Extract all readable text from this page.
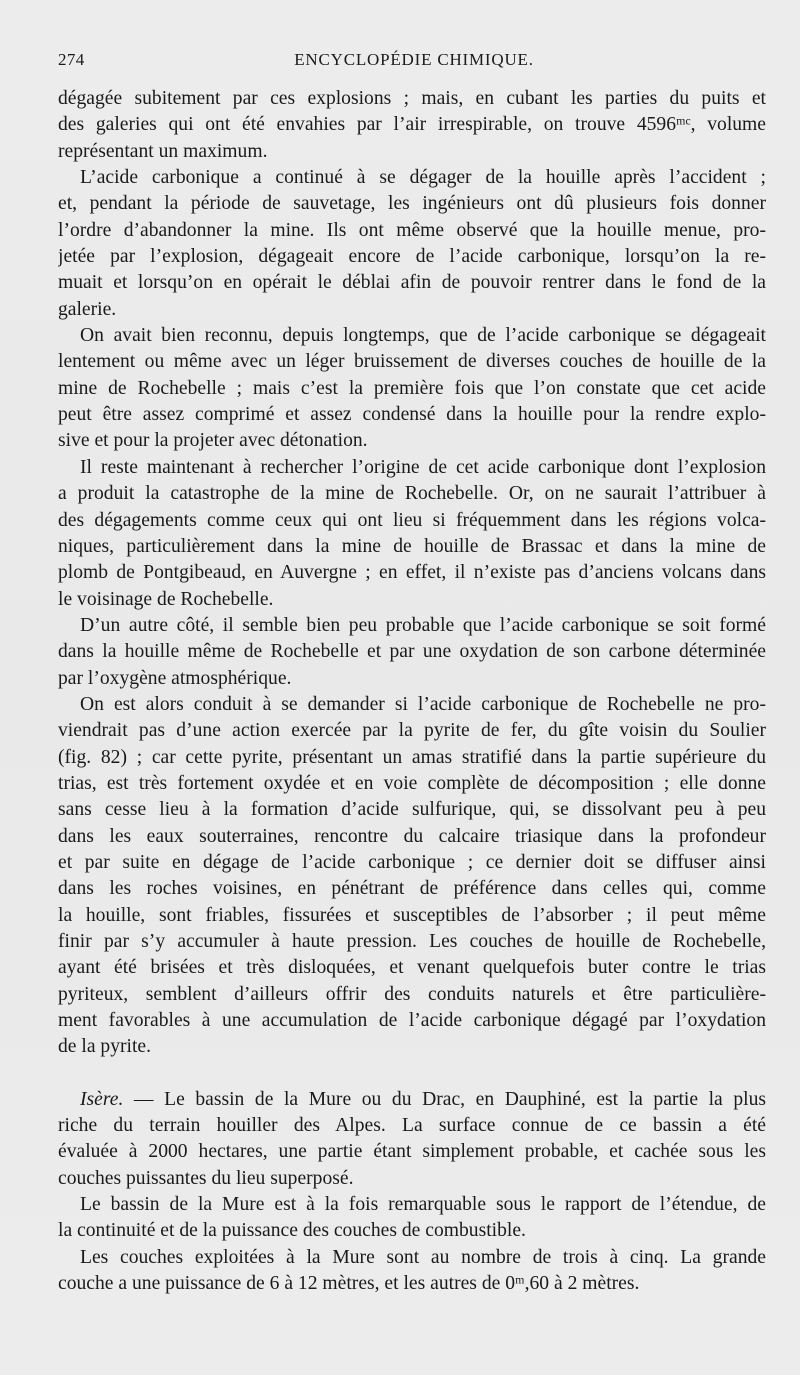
274	ENCYCLOPÉDIE CHIMIQUE.

dégagée subitement par ces explosions ; mais, en cubant les parties du puits et
des galeries qui ont été envahies par l’air irrespirable, on trouve 4596ᵐᶜ, volume
représentant un maximum.

L’acide carbonique a continué à se dégager de la houille après l’accident ;
et, pendant la période de sauvetage, les ingénieurs ont dû plusieurs fois donner
l’ordre d’abandonner la mine. Ils ont même observé que la houille menue, pro-
jetée par l’explosion, dégageait encore de l’acide carbonique, lorsqu’on la re-
muait et lorsqu’on en opérait le déblai afin de pouvoir rentrer dans le fond de la
galerie.

On avait bien reconnu, depuis longtemps, que de l’acide carbonique se dégageait
lentement ou même avec un léger bruissement de diverses couches de houille de la
mine de Rochebelle ; mais c’est la première fois que l’on constate que cet acide
peut être assez comprimé et assez condensé dans la houille pour la rendre explo-
sive et pour la projeter avec détonation.

Il reste maintenant à rechercher l’origine de cet acide carbonique dont l’explosion
a produit la catastrophe de la mine de Rochebelle. Or, on ne saurait l’attribuer à
des dégagements comme ceux qui ont lieu si fréquemment dans les régions volca-
niques, particulièrement dans la mine de houille de Brassac et dans la mine de
plomb de Pontgibeaud, en Auvergne ; en effet, il n’existe pas d’anciens volcans dans
le voisinage de Rochebelle.

D’un autre côté, il semble bien peu probable que l’acide carbonique se soit formé
dans la houille même de Rochebelle et par une oxydation de son carbone déterminée
par l’oxygène atmosphérique.

On est alors conduit à se demander si l’acide carbonique de Rochebelle ne pro-
viendrait pas d’une action exercée par la pyrite de fer, du gîte voisin du Soulier
(fig. 82) ; car cette pyrite, présentant un amas stratifié dans la partie supérieure du
trias, est très fortement oxydée et en voie complète de décomposition ; elle donne
sans cesse lieu à la formation d’acide sulfurique, qui, se dissolvant peu à peu
dans les eaux souterraines, rencontre du calcaire triasique dans la profondeur
et par suite en dégage de l’acide carbonique ; ce dernier doit se diffuser ainsi
dans les roches voisines, en pénétrant de préférence dans celles qui, comme
la houille, sont friables, fissurées et susceptibles de l’absorber ; il peut même
finir par s’y accumuler à haute pression. Les couches de houille de Rochebelle,
ayant été brisées et très disloquées, et venant quelquefois buter contre le trias
pyriteux, semblent d’ailleurs offrir des conduits naturels et être particulière-
ment favorables à une accumulation de l’acide carbonique dégagé par l’oxydation
de la pyrite.

Isère. — Le bassin de la Mure ou du Drac, en Dauphiné, est la partie la plus
riche du terrain houiller des Alpes. La surface connue de ce bassin a été
évaluée à 2000 hectares, une partie étant simplement probable, et cachée sous les
couches puissantes du lieu superposé.

Le bassin de la Mure est à la fois remarquable sous le rapport de l’étendue, de
la continuité et de la puissance des couches de combustible.

Les couches exploitées à la Mure sont au nombre de trois à cinq. La grande
couche a une puissance de 6 à 12 mètres, et les autres de 0ᵐ,60 à 2 mètres.
